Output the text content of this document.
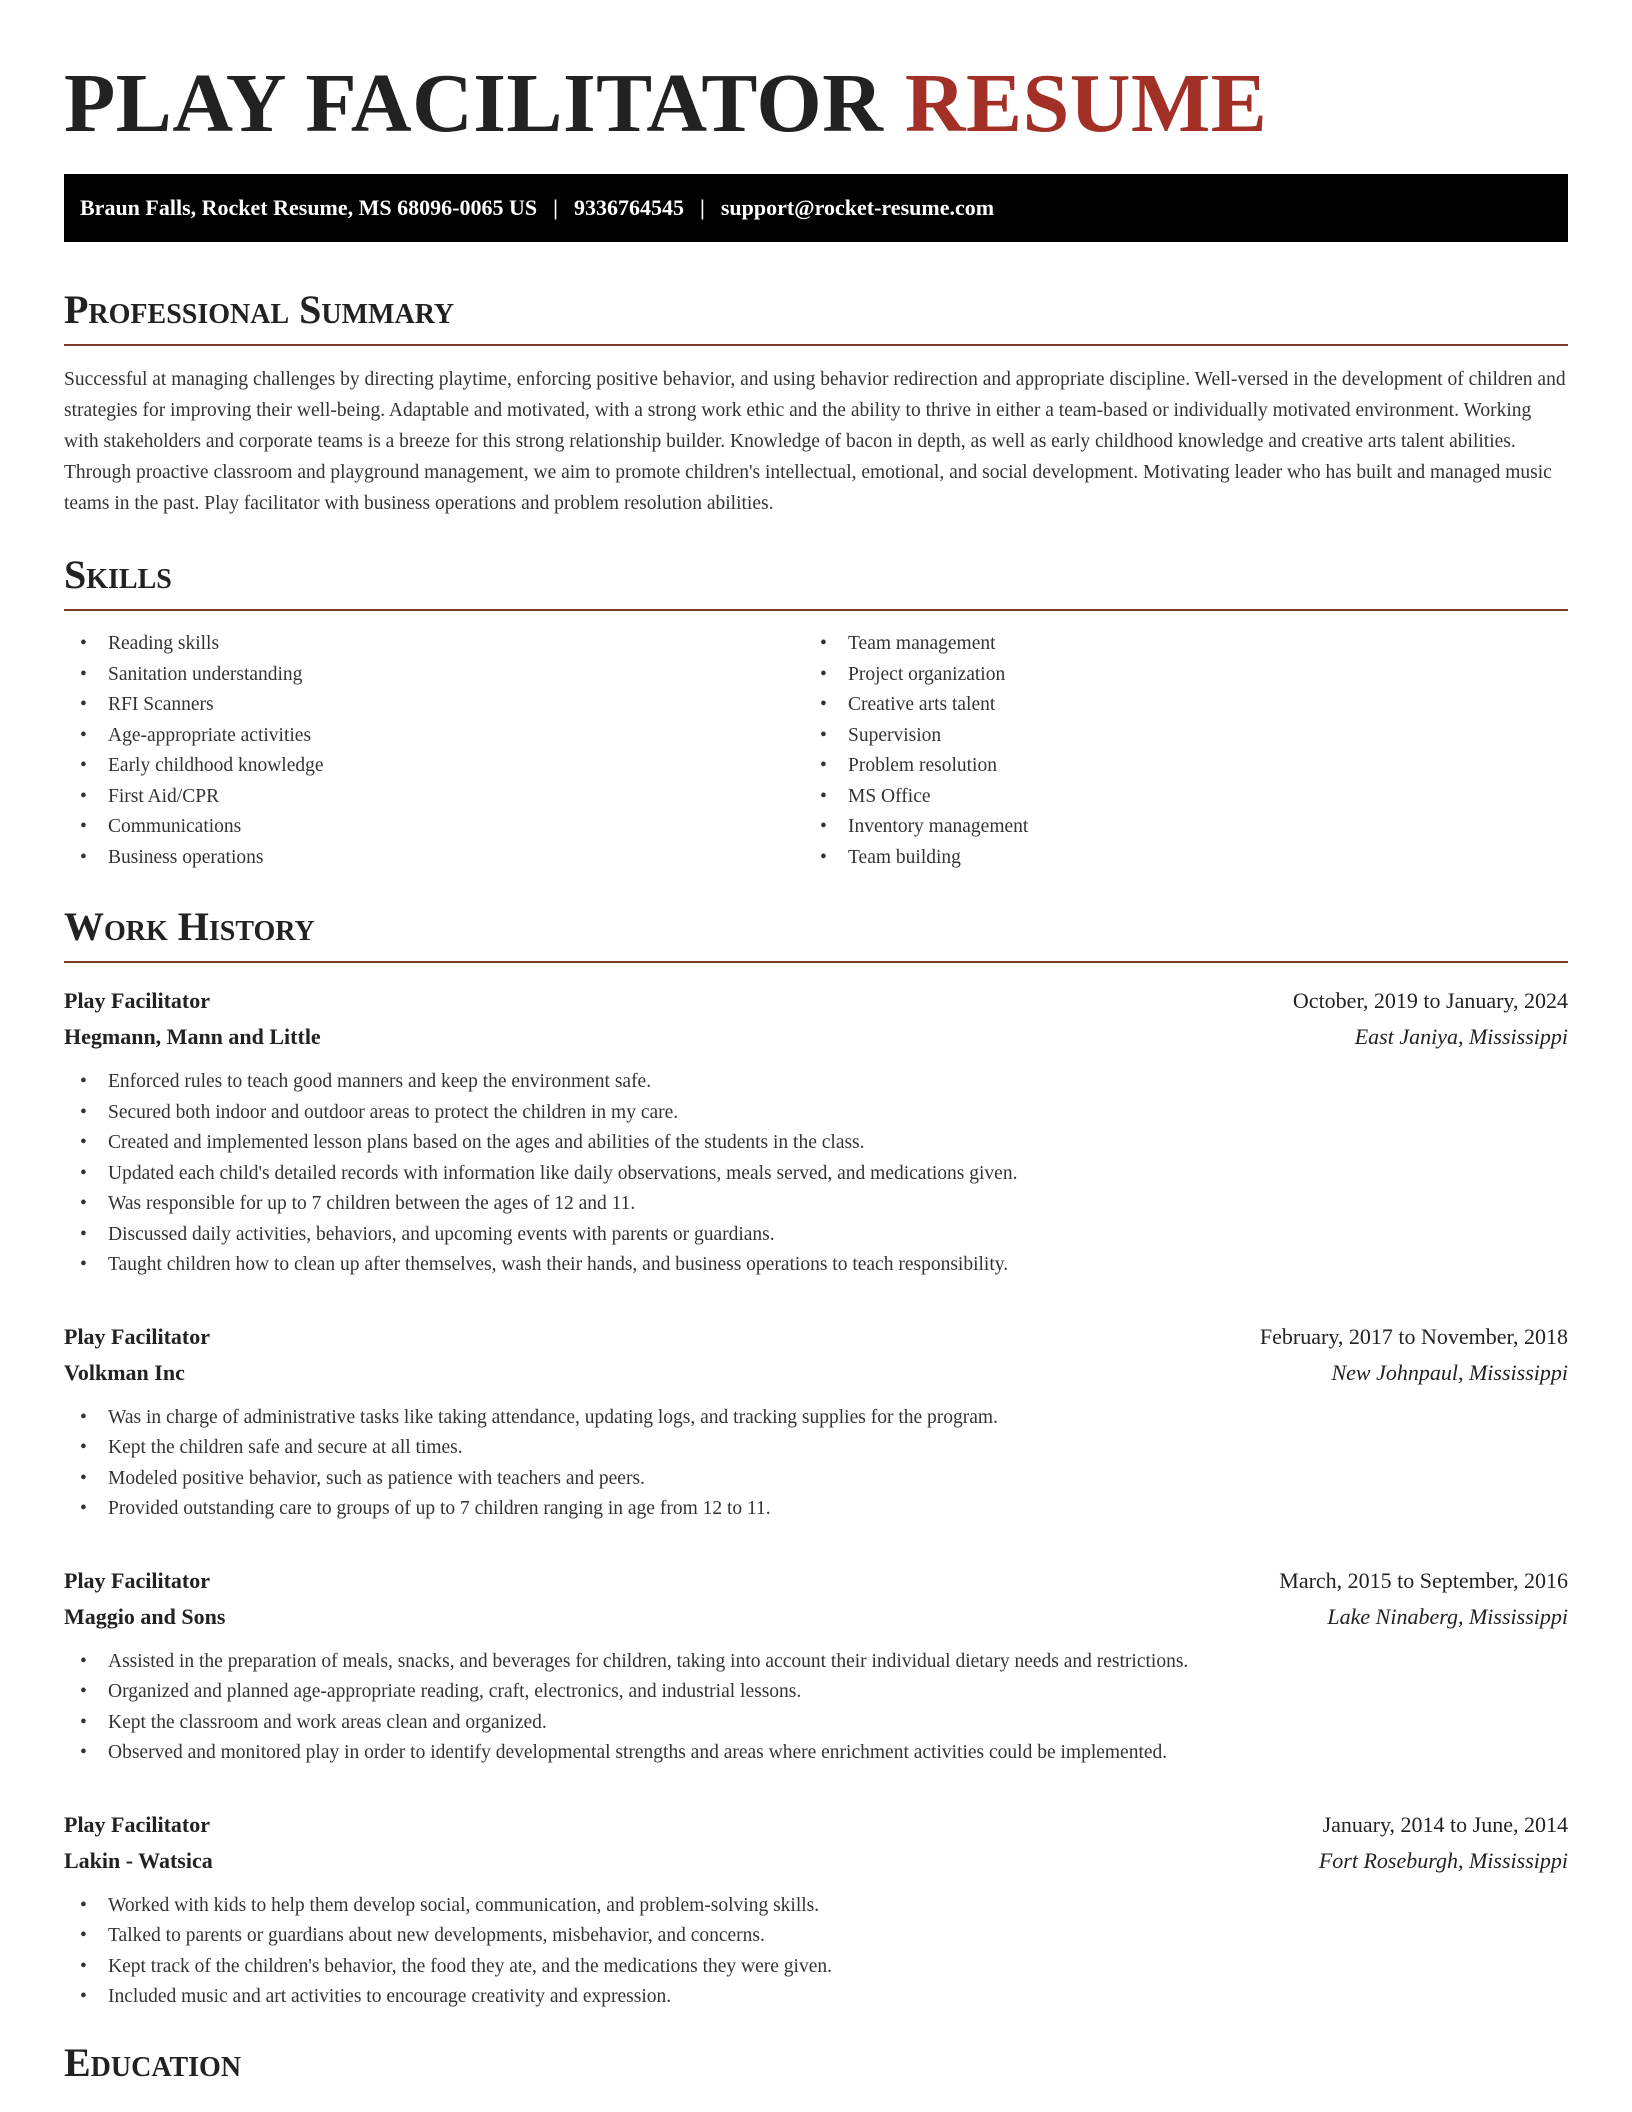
PLAY FACILITATOR RESUME
Braun Falls, Rocket Resume, MS 68096-0065 US | 9336764545 | support@rocket-resume.com
Professional Summary

Successful at managing challenges by directing playtime, enforcing positive behavior, and using behavior redirection and appropriate discipline. Well-versed in the development of children and strategies for improving their well-being. Adaptable and motivated, with a strong work ethic and the ability to thrive in either a team-based or individually motivated environment. Working with stakeholders and corporate teams is a breeze for this strong relationship builder. Knowledge of bacon in depth, as well as early childhood knowledge and creative arts talent abilities. Through proactive classroom and playground management, we aim to promote children's intellectual, emotional, and social development. Motivating leader who has built and managed music teams in the past. Play facilitator with business operations and problem resolution abilities.

Skills
• Reading skills
• Sanitation understanding
• RFI Scanners
• Age-appropriate activities
• Early childhood knowledge
• First Aid/CPR
• Communications
• Business operations
• Team management
• Project organization
• Creative arts talent
• Supervision
• Problem resolution
• MS Office
• Inventory management
• Team building
Work History
Play Facilitator	October, 2019 to January, 2024
Hegmann, Mann and Little	East Janiya, Mississippi
• Enforced rules to teach good manners and keep the environment safe.
• Secured both indoor and outdoor areas to protect the children in my care.
• Created and implemented lesson plans based on the ages and abilities of the students in the class.
• Updated each child's detailed records with information like daily observations, meals served, and medications given.
• Was responsible for up to 7 children between the ages of 12 and 11.
• Discussed daily activities, behaviors, and upcoming events with parents or guardians.
• Taught children how to clean up after themselves, wash their hands, and business operations to teach responsibility.
Play Facilitator	February, 2017 to November, 2018
Volkman Inc	New Johnpaul, Mississippi
• Was in charge of administrative tasks like taking attendance, updating logs, and tracking supplies for the program.
• Kept the children safe and secure at all times.
• Modeled positive behavior, such as patience with teachers and peers.
• Provided outstanding care to groups of up to 7 children ranging in age from 12 to 11.
Play Facilitator	March, 2015 to September, 2016
Maggio and Sons	Lake Ninaberg, Mississippi
• Assisted in the preparation of meals, snacks, and beverages for children, taking into account their individual dietary needs and restrictions.
• Organized and planned age-appropriate reading, craft, electronics, and industrial lessons.
• Kept the classroom and work areas clean and organized.
• Observed and monitored play in order to identify developmental strengths and areas where enrichment activities could be implemented.
Play Facilitator	January, 2014 to June, 2014
Lakin - Watsica	Fort Roseburgh, Mississippi
• Worked with kids to help them develop social, communication, and problem-solving skills.
• Talked to parents or guardians about new developments, misbehavior, and concerns.
• Kept track of the children's behavior, the food they ate, and the medications they were given.
• Included music and art activities to encourage creativity and expression.
Education
